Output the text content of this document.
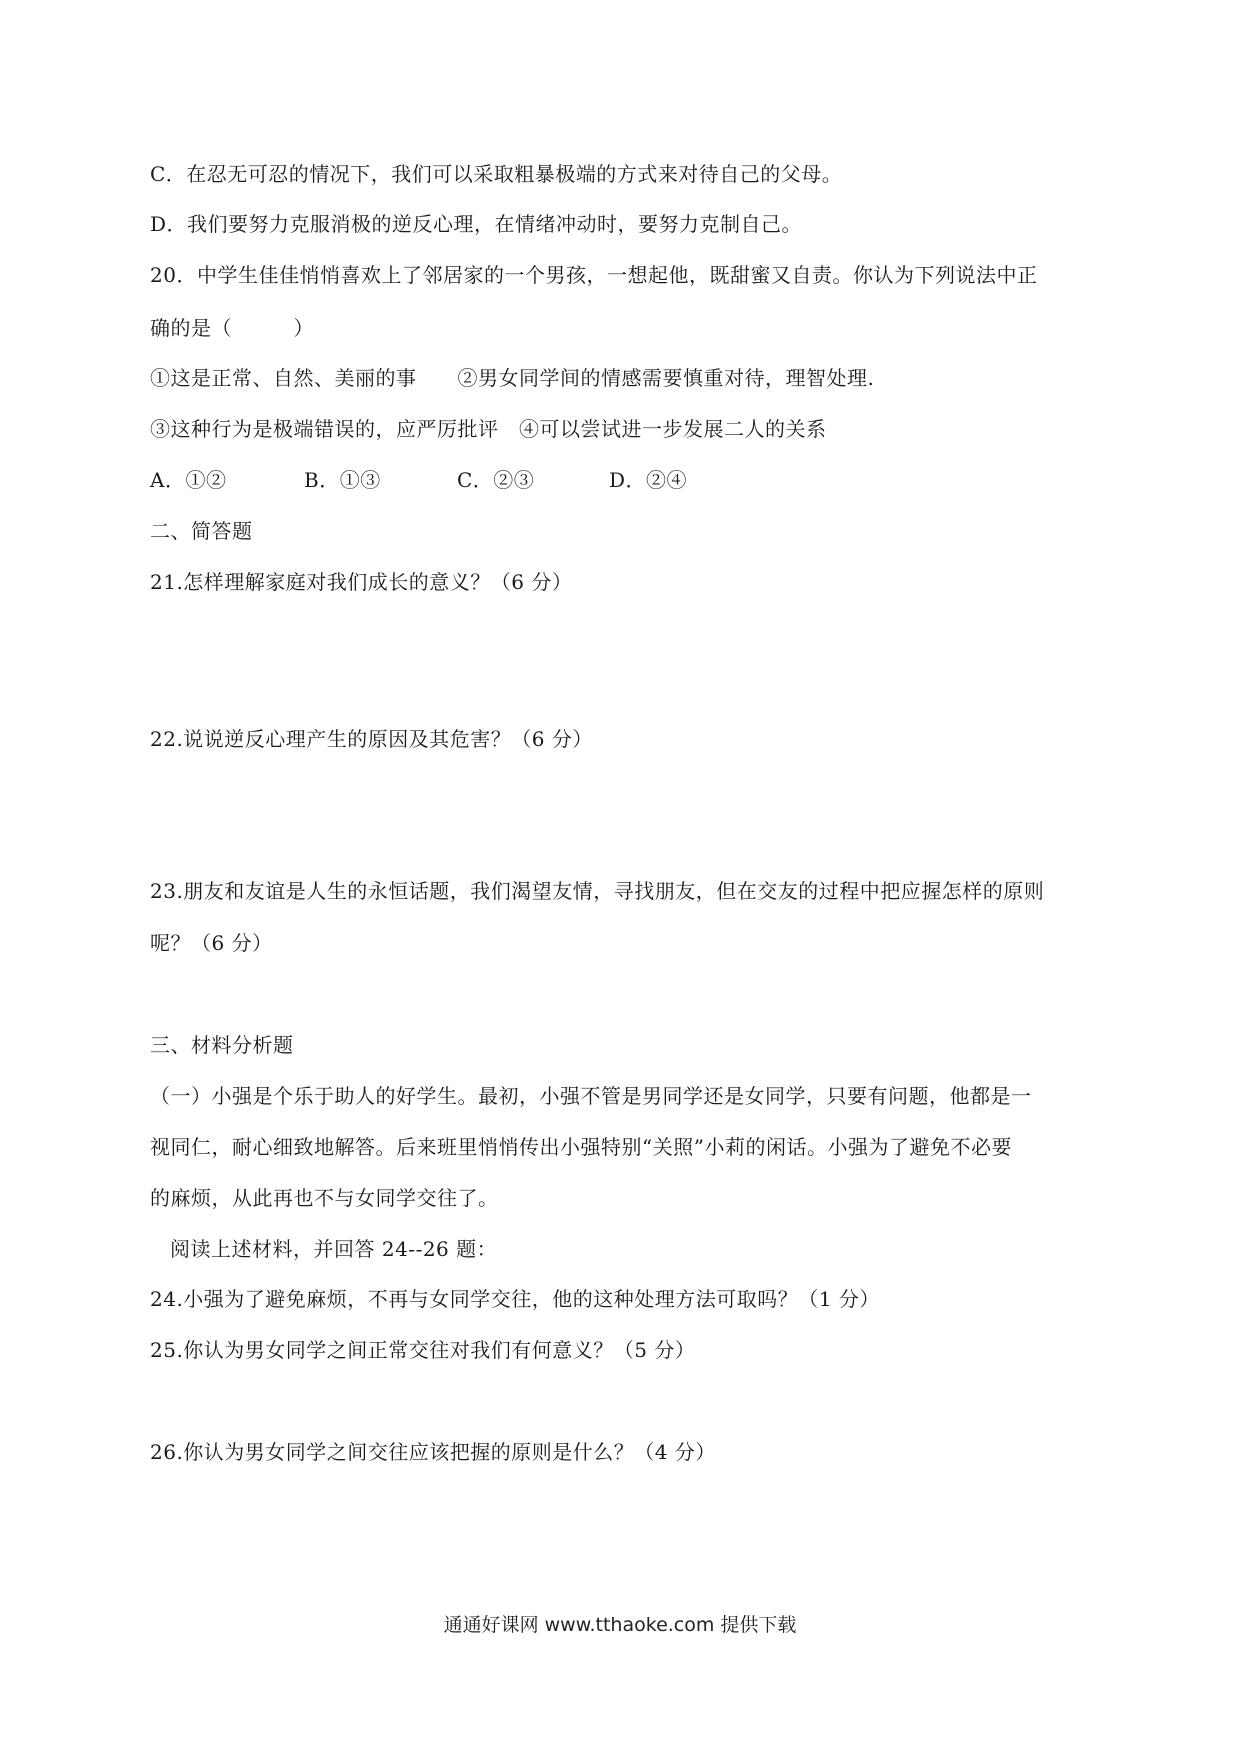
C．在忍无可忍的情况下，我们可以采取粗暴极端的方式来对待自己的父母。
D．我们要努力克服消极的逆反心理，在情绪冲动时，要努力克制自己。
20．中学生佳佳悄悄喜欢上了邻居家的一个男孩，一想起他，既甜蜜又自责。你认为下列说法中正
确的是（　　　）
①这是正常、自然、美丽的事　　②男女同学间的情感需要慎重对待，理智处理.
③这种行为是极端错误的，应严厉批评　④可以尝试进一步发展二人的关系
A．①②	B．①③	C．②③	D．②④
二、简答题
21.怎样理解家庭对我们成长的意义？（6 分）
22.说说逆反心理产生的原因及其危害？（6 分）
23.朋友和友谊是人生的永恒话题，我们渴望友情，寻找朋友，但在交友的过程中把应握怎样的原则
呢？（6 分）
三、材料分析题
（一）小强是个乐于助人的好学生。最初，小强不管是男同学还是女同学，只要有问题，他都是一
视同仁，耐心细致地解答。后来班里悄悄传出小强特别“关照”小莉的闲话。小强为了避免不必要
的麻烦，从此再也不与女同学交往了。
阅读上述材料，并回答 24--26 题：
24.小强为了避免麻烦，不再与女同学交往，他的这种处理方法可取吗？（1 分）
25.你认为男女同学之间正常交往对我们有何意义？（5 分）
26.你认为男女同学之间交往应该把握的原则是什么？（4 分）
通通好课网 www.tthaoke.com 提供下载
